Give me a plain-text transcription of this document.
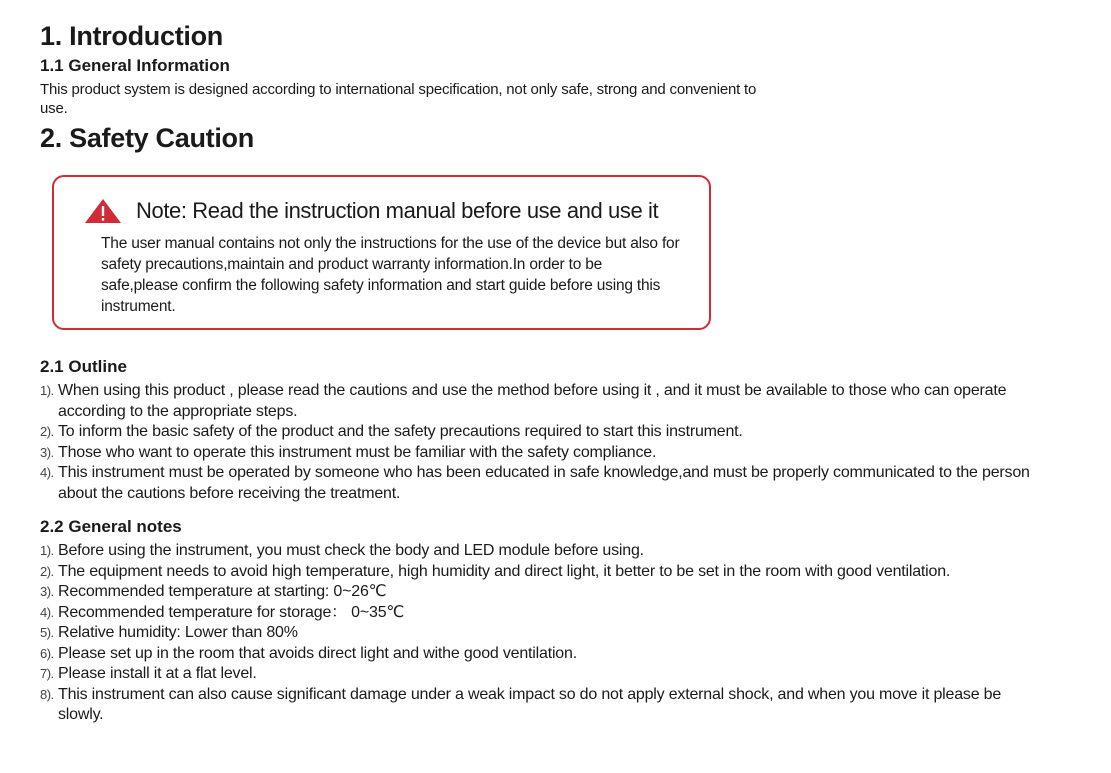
1. Introduction
1.1 General Information

This product system is designed according to international specification, not only safe, strong and convenient to use.

2. Safety Caution
Note: Read the instruction manual before use and use it
The user manual contains not only the instructions for the use of the device but also for safety precautions,maintain and product warranty information.In order to be safe,please confirm the following safety information and start guide before using this instrument.
2.1 Outline
1). When using this product , please read the cautions and use the method before using it , and it must be available to those who can operate according to the appropriate steps.
2). To inform the basic safety of the product and the safety precautions required to start this instrument.
3). Those who want to operate this instrument must be familiar with the safety compliance.
4). This instrument must be operated by someone who has been educated in safe knowledge,and must be properly communicated to the person about the cautions before receiving the treatment.
2.2 General notes
1). Before using the instrument, you must check the body and LED module before using.
2). The equipment needs to avoid high temperature, high humidity and direct light, it better to be set in the room with good ventilation.
3). Recommended temperature at starting: 0~26℃
4). Recommended temperature for storage： 0~35℃
5). Relative humidity: Lower than 80%
6). Please set up in the room that avoids direct light and withe good ventilation.
7). Please install it at a flat level.
8). This instrument can also cause significant damage under a weak impact so do not apply external shock, and when you move it please be slowly.
